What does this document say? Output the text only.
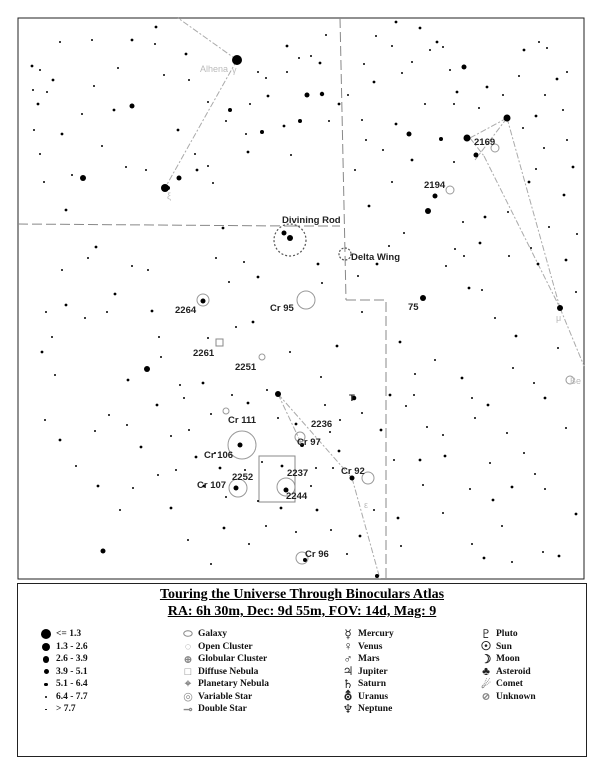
Alhena γ
ξ
Divining Rod
Delta Wing
2169
2194
2264	Cr 95	75
μ
2261
2251
Be
T
Cr 111	2236
Cr 97
Cr 106
2237	Cr 92
2252
Cr 107
2244
ε
Cr 96
Touring the Universe Through Binoculars Atlas
RA: 6h 30m, Dec: 9d 55m, FOV: 14d, Mag: 9
<= 1.3
1.3 - 2.6
2.6 - 3.9
3.9 - 5.1
5.1 - 6.4
6.4 - 7.7
> 7.7
⬭ Galaxy
◌ Open Cluster
⊕ Globular Cluster
□ Diffuse Nebula
⌖ Planetary Nebula
◎ Variable Star
⊸ Double Star
☿ Mercury
♀ Venus
♂ Mars
♃ Jupiter
♄ Saturn
⛢ Uranus
♆ Neptune
♇ Pluto
☉ Sun
☽ Moon
♣ Asteroid
☄ Comet
⊘ Unknown
